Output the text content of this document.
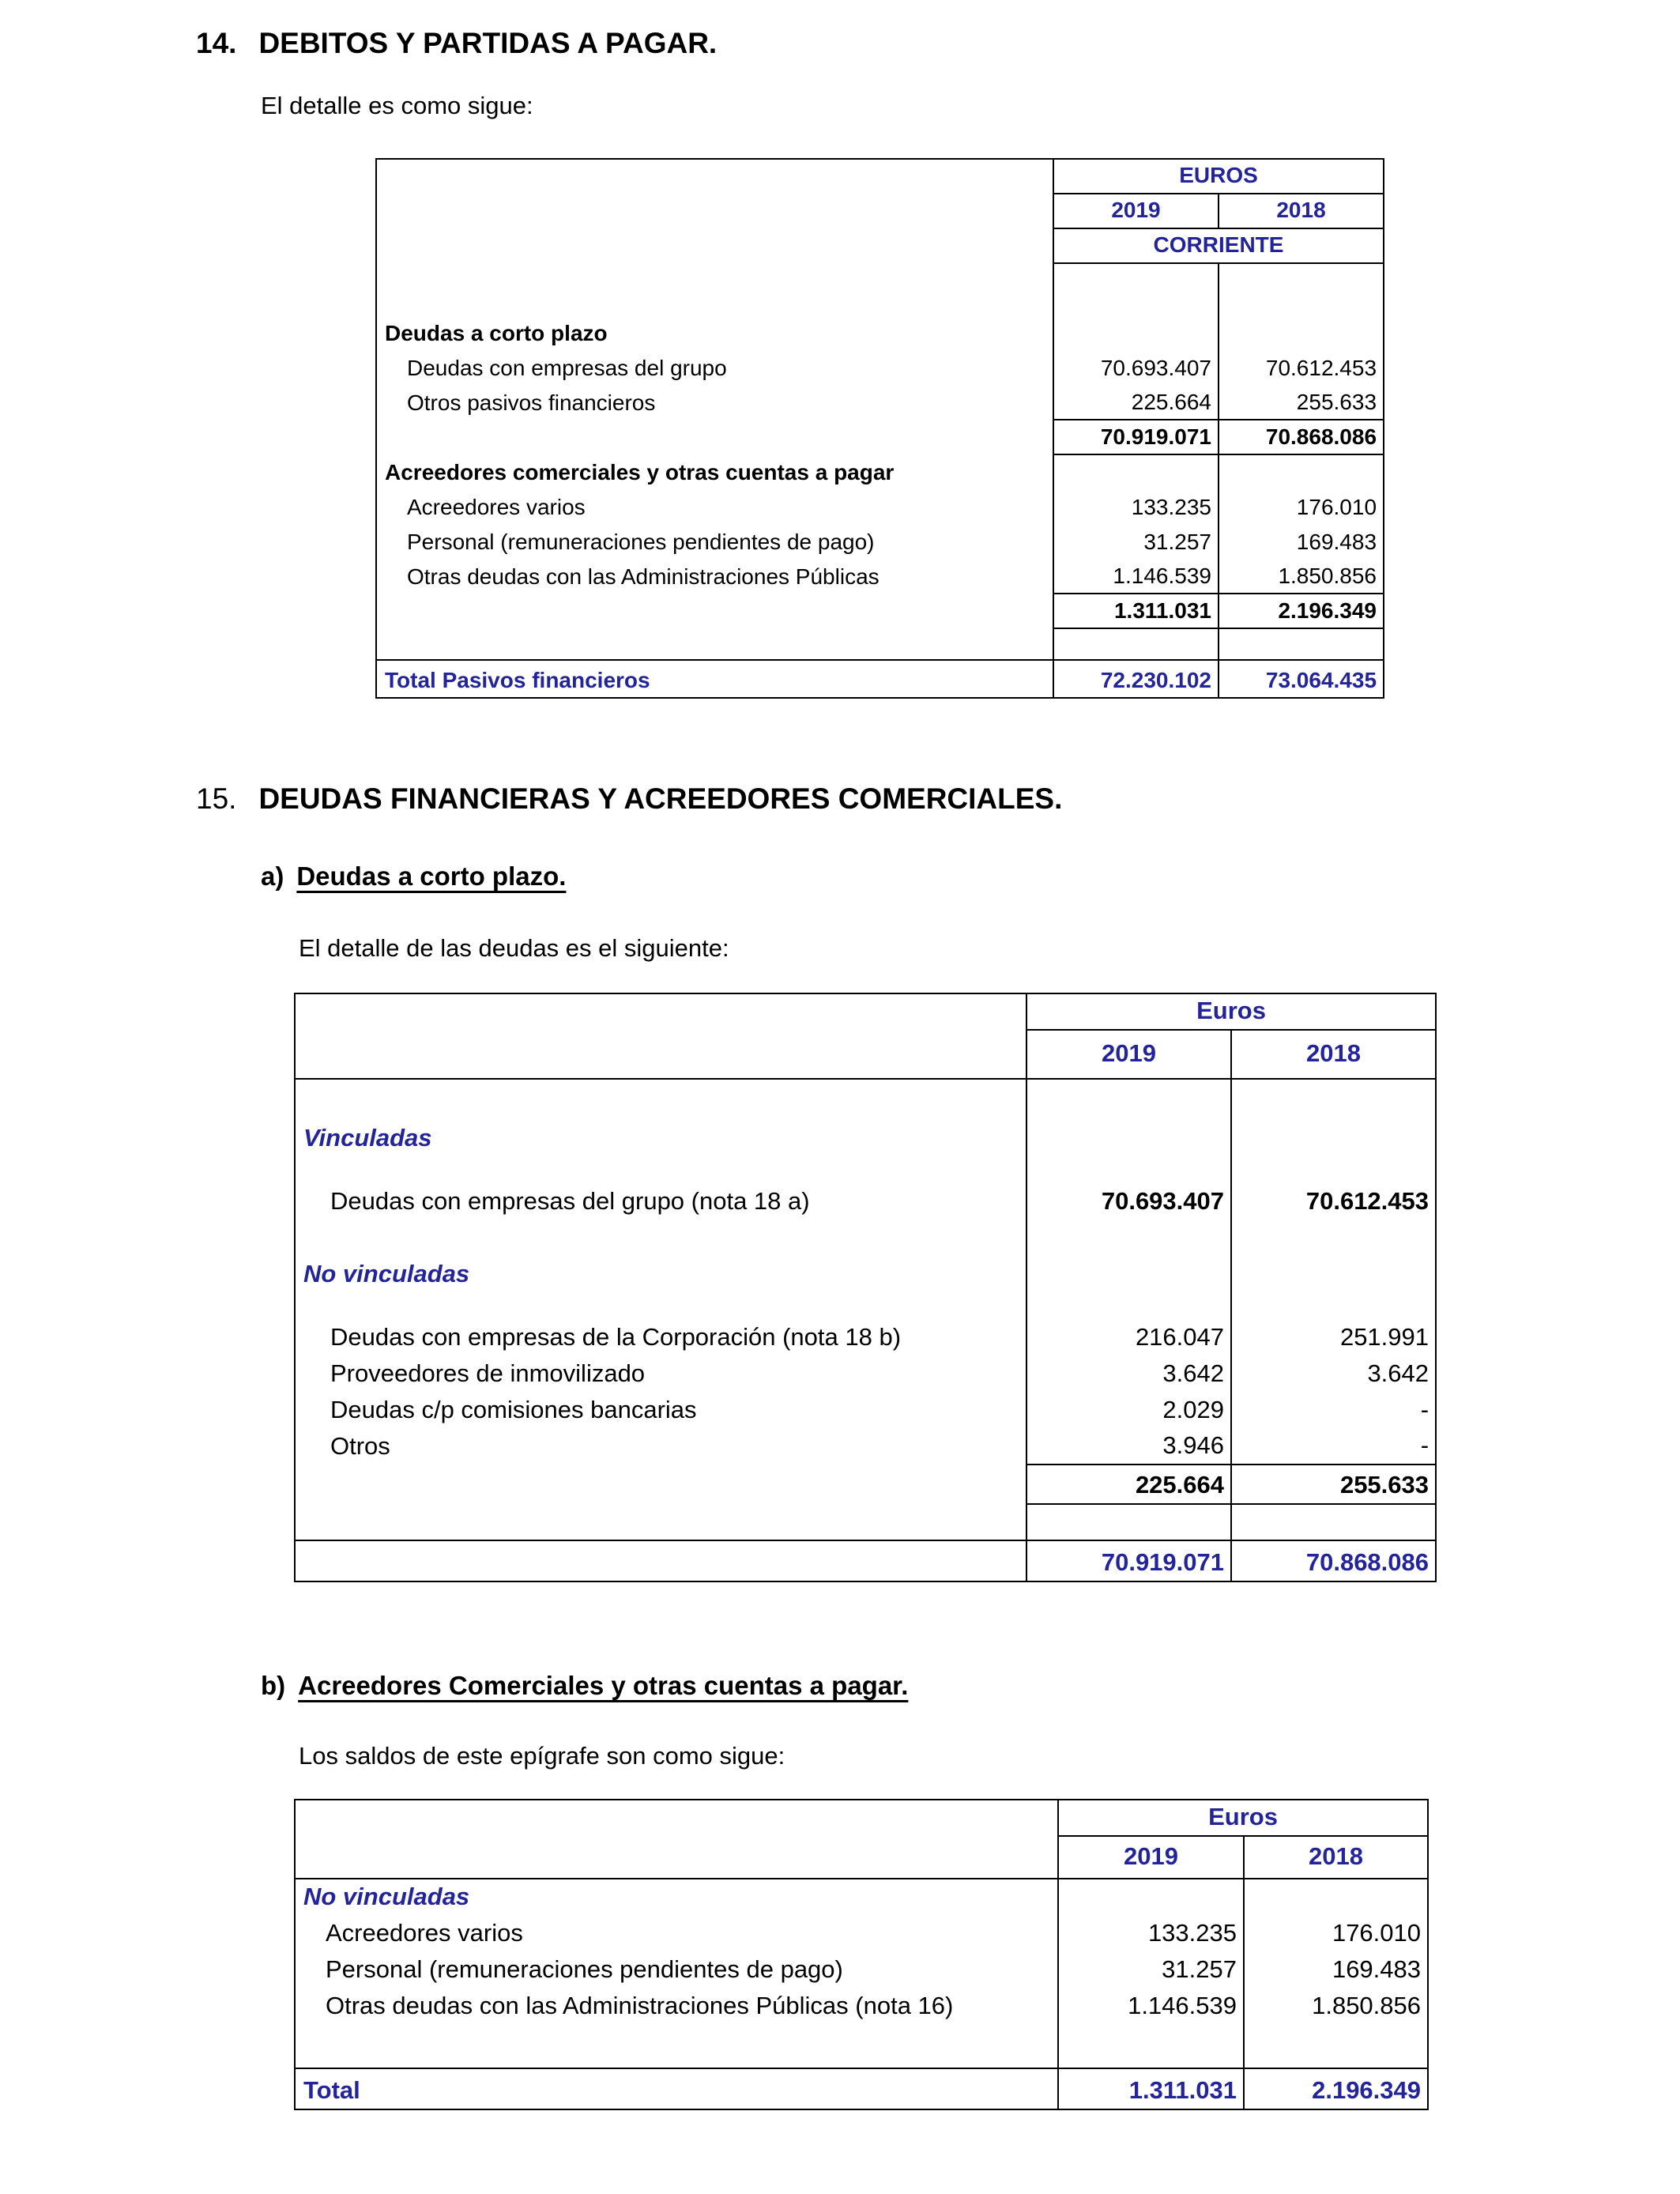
14. DEBITOS Y PARTIDAS A PAGAR.

El detalle es como sigue:

	EUROS	
	2019	2018
	CORRIENTE	

Deudas a corto plazo		
Deudas con empresas del grupo	70.693.407	70.612.453
Otros pasivos financieros	225.664	255.633
	70.919.071	70.868.086
Acreedores comerciales y otras cuentas a pagar		
Acreedores varios	133.235	176.010
Personal (remuneraciones pendientes de pago)	31.257	169.483
Otras deudas con las Administraciones Públicas	1.146.539	1.850.856
	1.311.031	2.196.349

Total Pasivos financieros	72.230.102	73.064.435
15. DEUDAS FINANCIERAS Y ACREEDORES COMERCIALES.
a) Deudas a corto plazo.

El detalle de las deudas es el siguiente:

	Euros	
	2019	2018

Vinculadas		

Deudas con empresas del grupo (nota 18 a)	70.693.407	70.612.453

No vinculadas		

Deudas con empresas de la Corporación (nota 18 b)	216.047	251.991
Proveedores de inmovilizado	3.642	3.642
Deudas c/p comisiones bancarias	2.029	-
Otros	3.946	-
	225.664	255.633

	70.919.071	70.868.086
b) Acreedores Comerciales y otras cuentas a pagar.

Los saldos de este epígrafe son como sigue:

	Euros	
	2019	2018
No vinculadas		
Acreedores varios	133.235	176.010
Personal (remuneraciones pendientes de pago)	31.257	169.483
Otras deudas con las Administraciones Públicas (nota 16)	1.146.539	1.850.856

Total	1.311.031	2.196.349
